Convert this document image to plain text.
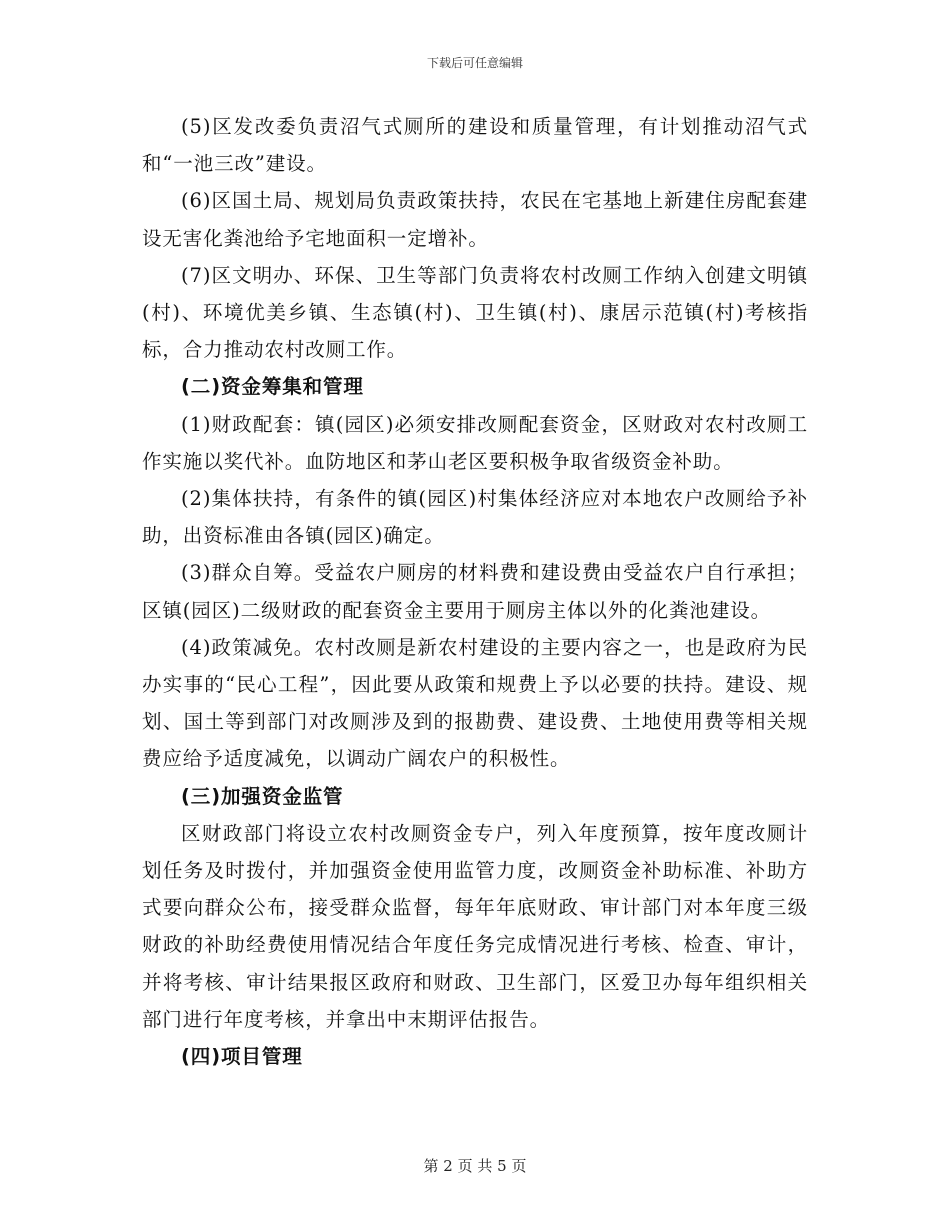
下载后可任意编辑

(5)区发改委负责沼气式厕所的建设和质量管理，有计划推动沼气式和“一池三改”建设。

(6)区国土局、规划局负责政策扶持，农民在宅基地上新建住房配套建设无害化粪池给予宅地面积一定增补。

(7)区文明办、环保、卫生等部门负责将农村改厕工作纳入创建文明镇(村)、环境优美乡镇、生态镇(村)、卫生镇(村)、康居示范镇(村)考核指标，合力推动农村改厕工作。

(二)资金筹集和管理

(1)财政配套：镇(园区)必须安排改厕配套资金，区财政对农村改厕工作实施以奖代补。血防地区和茅山老区要积极争取省级资金补助。

(2)集体扶持，有条件的镇(园区)村集体经济应对本地农户改厕给予补助，出资标准由各镇(园区)确定。

(3)群众自筹。受益农户厕房的材料费和建设费由受益农户自行承担；区镇(园区)二级财政的配套资金主要用于厕房主体以外的化粪池建设。

(4)政策减免。农村改厕是新农村建设的主要内容之一，也是政府为民办实事的“民心工程”，因此要从政策和规费上予以必要的扶持。建设、规划、国土等到部门对改厕涉及到的报勘费、建设费、土地使用费等相关规费应给予适度减免，以调动广阔农户的积极性。

(三)加强资金监管

区财政部门将设立农村改厕资金专户，列入年度预算，按年度改厕计划任务及时拨付，并加强资金使用监管力度，改厕资金补助标准、补助方式要向群众公布，接受群众监督，每年年底财政、审计部门对本年度三级财政的补助经费使用情况结合年度任务完成情况进行考核、检查、审计，并将考核、审计结果报区政府和财政、卫生部门，区爱卫办每年组织相关部门进行年度考核，并拿出中末期评估报告。

(四)项目管理

第 2 页 共 5 页
